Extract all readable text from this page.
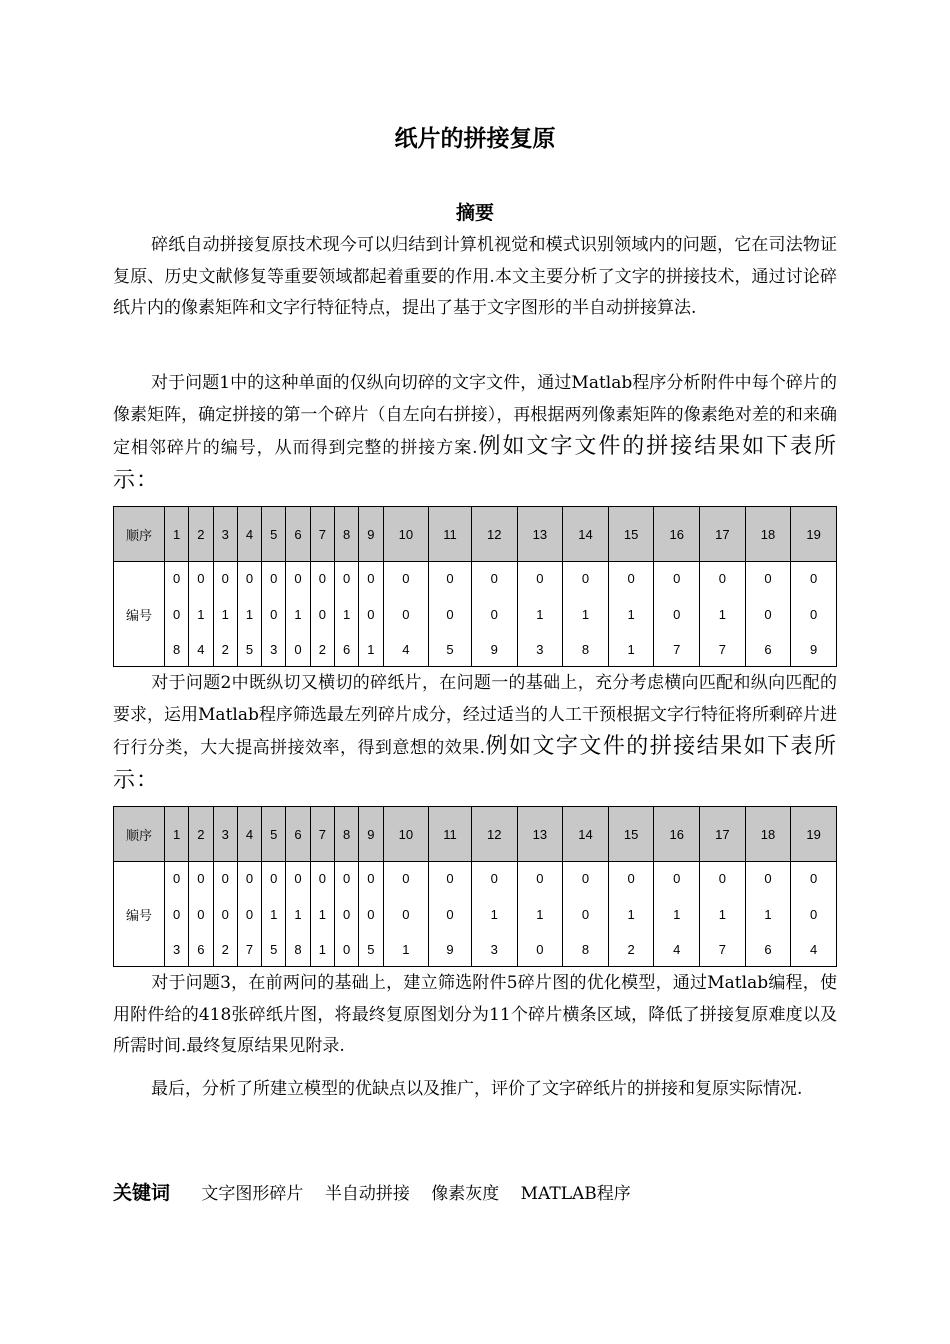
纸片的拼接复原
摘要

碎纸自动拼接复原技术现今可以归结到计算机视觉和模式识别领域内的问题，它在司法物证复原、历史文献修复等重要领域都起着重要的作用.本文主要分析了文字的拼接技术，通过讨论碎纸片内的像素矩阵和文字行特征特点，提出了基于文字图形的半自动拼接算法.

对于问题1中的这种单面的仅纵向切碎的文字文件，通过Matlab程序分析附件中每个碎片的像素矩阵，确定拼接的第一个碎片（自左向右拼接），再根据两列像素矩阵的像素绝对差的和来确定相邻碎片的编号，从而得到完整的拼接方案.例如文字文件的拼接结果如下表所示：

顺序	1	2	3	4	5	6	7	8	9	10	11	12	13	14	15	16	17	18	19
编号	0
0
8	0
1
4	0
1
2	0
1
5	0
0
3	0
1
0	0
0
2	0
1
6	0
0
1	0
0
4	0
0
5	0
0
9	0
1
3	0
1
8	0
1
1	0
0
7	0
1
7	0
0
6	0
0
9

对于问题2中既纵切又横切的碎纸片，在问题一的基础上，充分考虑横向匹配和纵向匹配的要求，运用Matlab程序筛选最左列碎片成分，经过适当的人工干预根据文字行特征将所剩碎片进行行分类，大大提高拼接效率，得到意想的效果.例如文字文件的拼接结果如下表所示：

顺序	1	2	3	4	5	6	7	8	9	10	11	12	13	14	15	16	17	18	19
编号	0
0
3	0
0
6	0
0
2	0
0
7	0
1
5	0
1
8	0
1
1	0
0
0	0
0
5	0
0
1	0
0
9	0
1
3	0
1
0	0
0
8	0
1
2	0
1
4	0
1
7	0
1
6	0
0
4

对于问题3，在前两问的基础上，建立筛选附件5碎片图的优化模型，通过Matlab编程，使用附件给的418张碎纸片图，将最终复原图划分为11个碎片横条区域，降低了拼接复原难度以及所需时间.最终复原结果见附录.

最后，分析了所建立模型的优缺点以及推广，评价了文字碎纸片的拼接和复原实际情况.

关键词 文字图形碎片 半自动拼接 像素灰度 MATLAB程序
